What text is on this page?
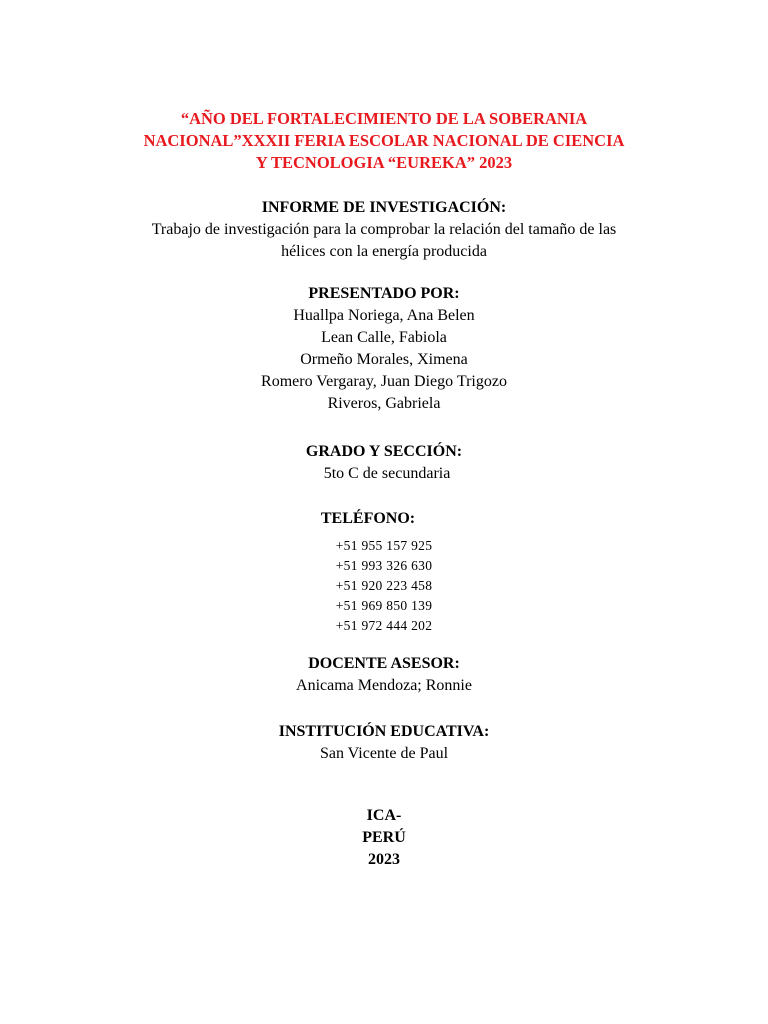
“AÑO DEL FORTALECIMIENTO DE LA SOBERANIA
NACIONAL”XXXII FERIA ESCOLAR NACIONAL DE CIENCIA
Y TECNOLOGIA “EUREKA” 2023
INFORME DE INVESTIGACIÓN:
Trabajo de investigación para la comprobar la relación del tamaño de las
hélices con la energía producida
PRESENTADO POR:
Huallpa Noriega, Ana Belen
Lean Calle, Fabiola
Ormeño Morales, Ximena
Romero Vergaray, Juan Diego Trigozo
Riveros, Gabriela
GRADO Y SECCIÓN:
5to C de secundaria
TELÉFONO:
+51 955 157 925
+51 993 326 630
+51 920 223 458
+51 969 850 139
+51 972 444 202
DOCENTE ASESOR:
Anicama Mendoza; Ronnie
INSTITUCIÓN EDUCATIVA:
San Vicente de Paul
ICA-
PERÚ
2023
